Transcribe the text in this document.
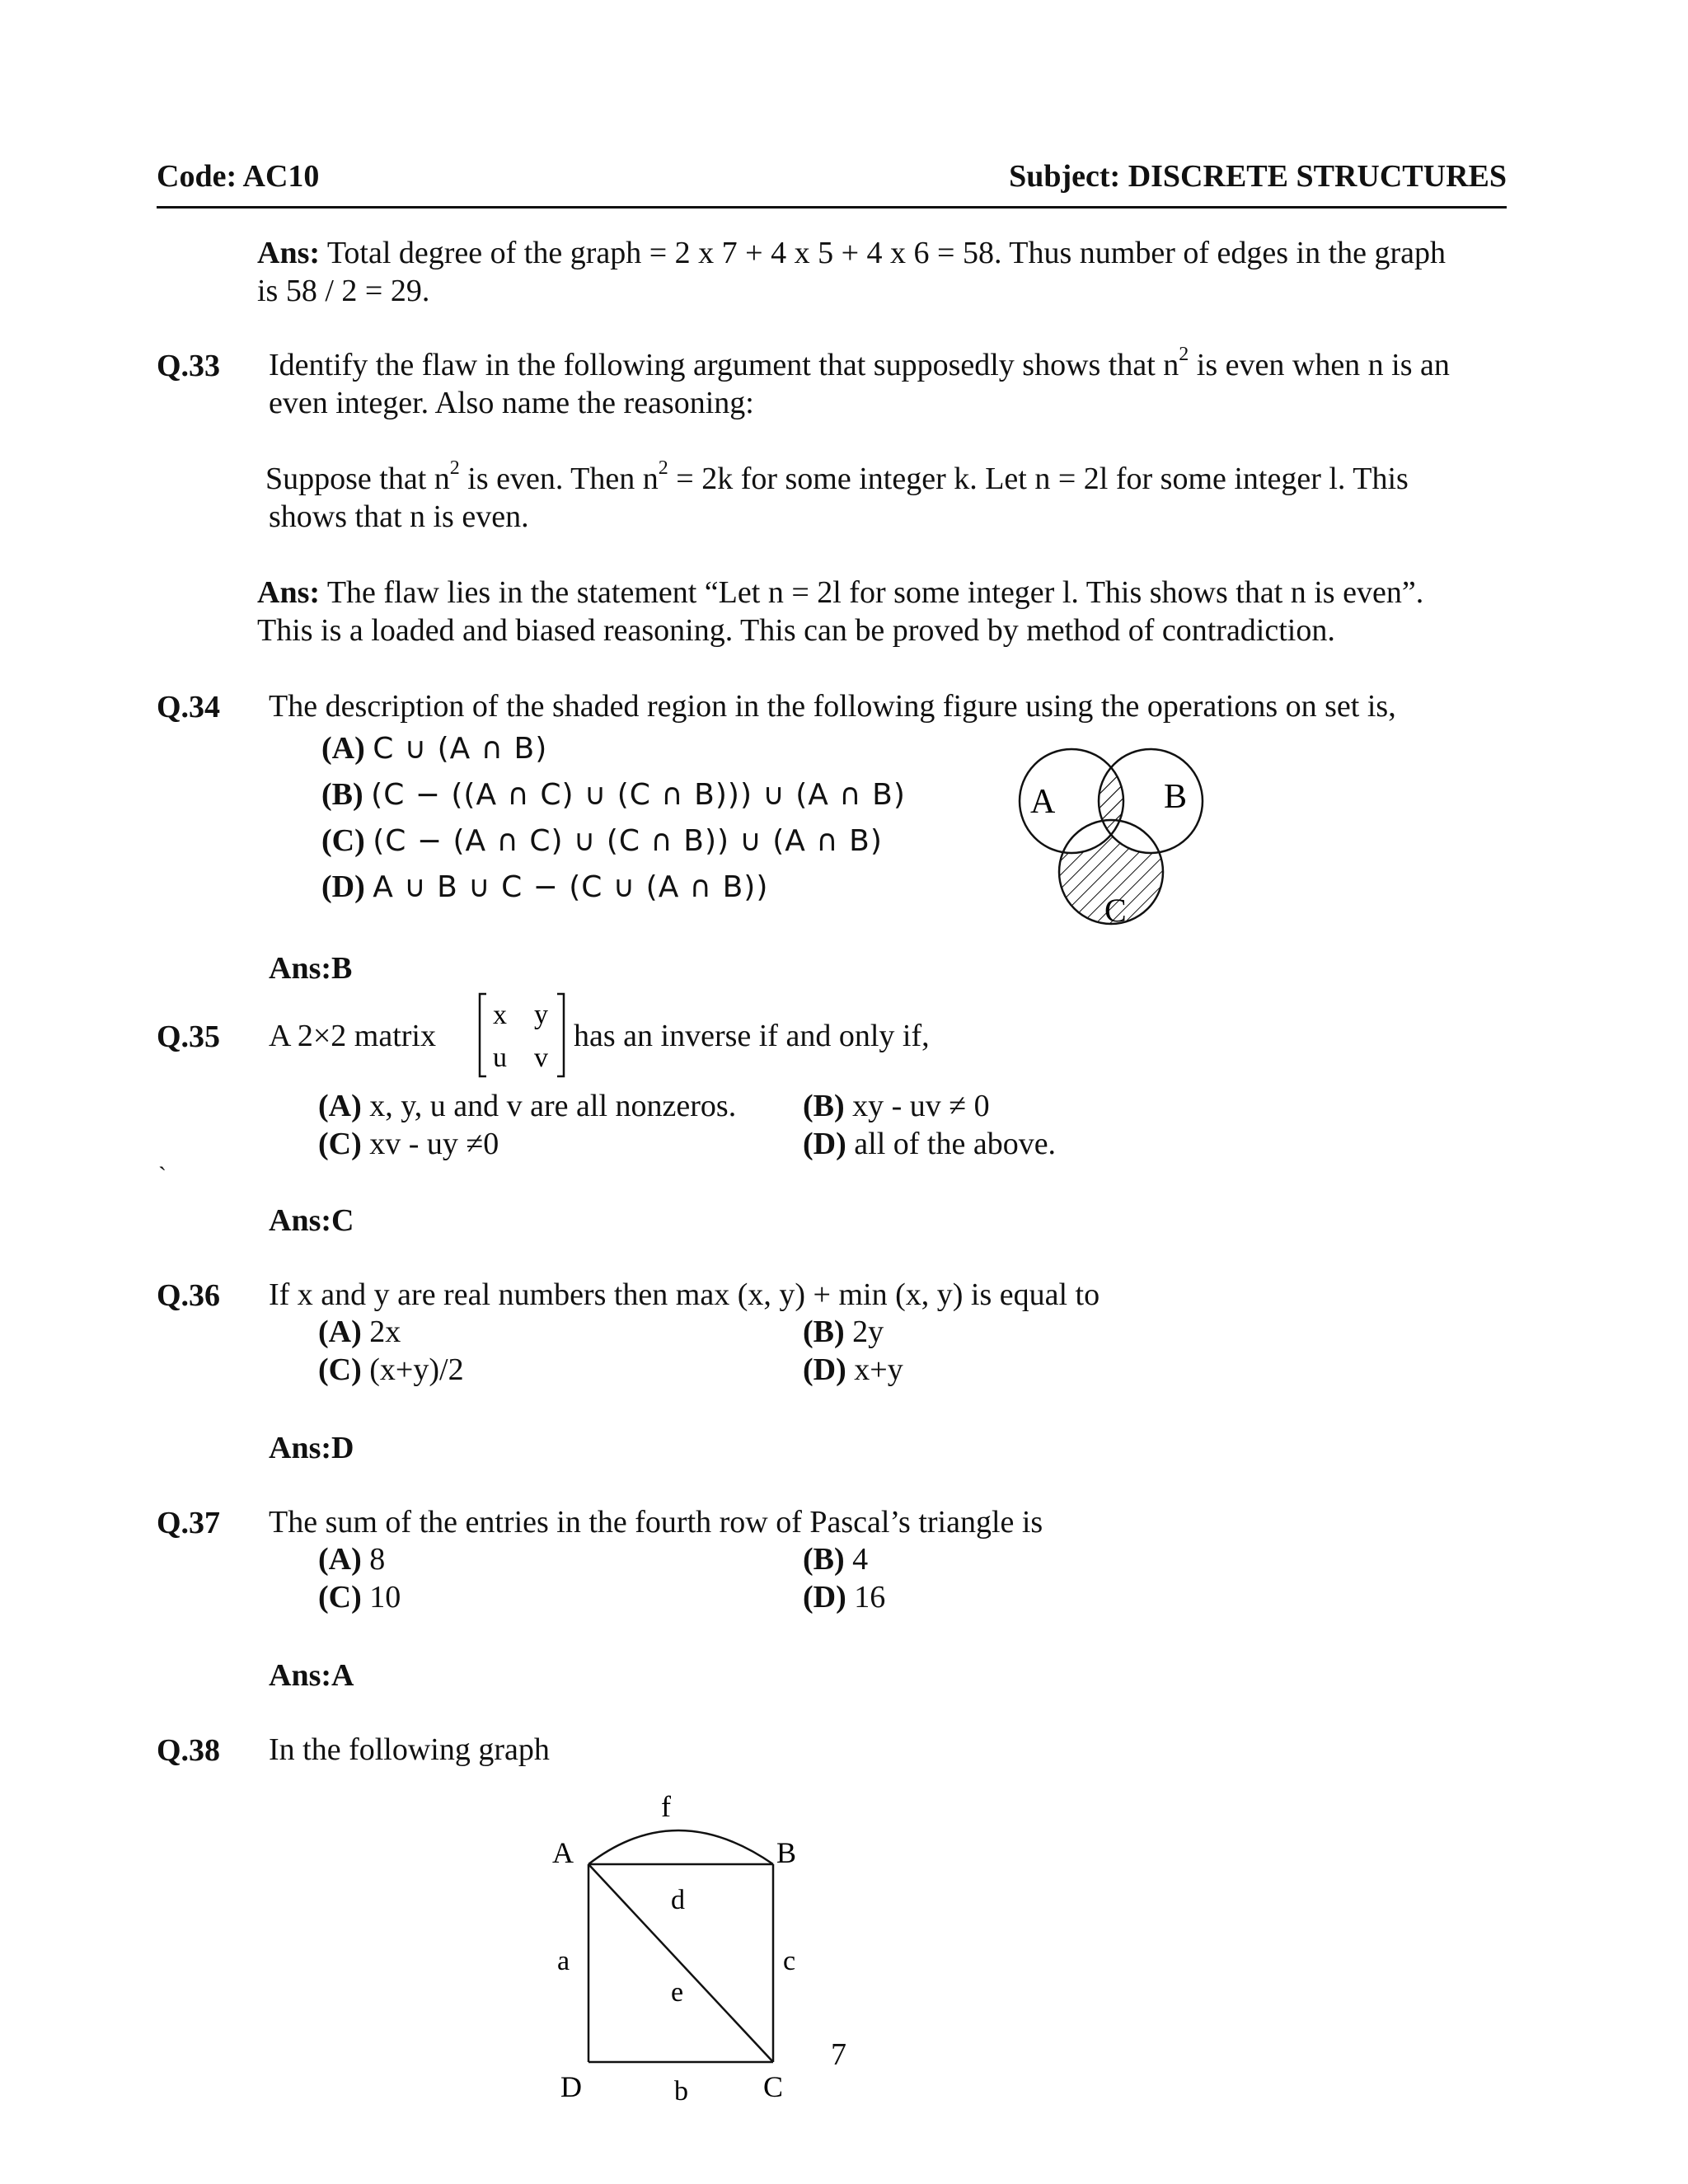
Code: AC10	Subject: DISCRETE STRUCTURES
Ans: Total degree of the graph = 2 x 7 + 4 x 5 + 4 x 6 = 58. Thus number of edges in the graph
is 58 / 2 = 29.
Q.33 Identify the flaw in the following argument that supposedly shows that $n^2$ is even when n is an
even integer. Also name the reasoning:
Suppose that $n^2$ is even. Then $n^2 = 2k$ for some integer k. Let n = 2l for some integer l. This
shows that n is even.
Ans: The flaw lies in the statement “Let n = 2l for some integer l. This shows that n is even”.
This is a loaded and biased reasoning. This can be proved by method of contradiction.
Q.34 The description of the shaded region in the following figure using the operations on set is,
(A) C ∪ (A ∩ B)
(B) (C − ((A ∩ C) ∪ (C ∩ B))) ∪ (A ∩ B)
(C) (C − (A ∩ C) ∪ (C ∩ B)) ∪ (A ∩ B)
(D) A ∪ B ∪ C − (C ∪ (A ∩ B))
A	B
C
Ans:B
Q.35 A 2×2 matrix
x y
u v
has an inverse if and only if,
(A) x, y, u and v are all nonzeros. (B) xy - uv ≠ 0
(C) xv - uy ≠0	(D) all of the above.
`
Ans:C
Q.36 If x and y are real numbers then max (x, y) + min (x, y) is equal to
(A) 2x	(B) 2y
(C) (x+y)/2	(D) x+y
Ans:D
Q.37 The sum of the entries in the fourth row of Pascal’s triangle is
(A) 8	(B) 4
(C) 10	(D) 16
Ans:A
Q.38 In the following graph
A	B
C
D
a
b
c
d
e
f
7
